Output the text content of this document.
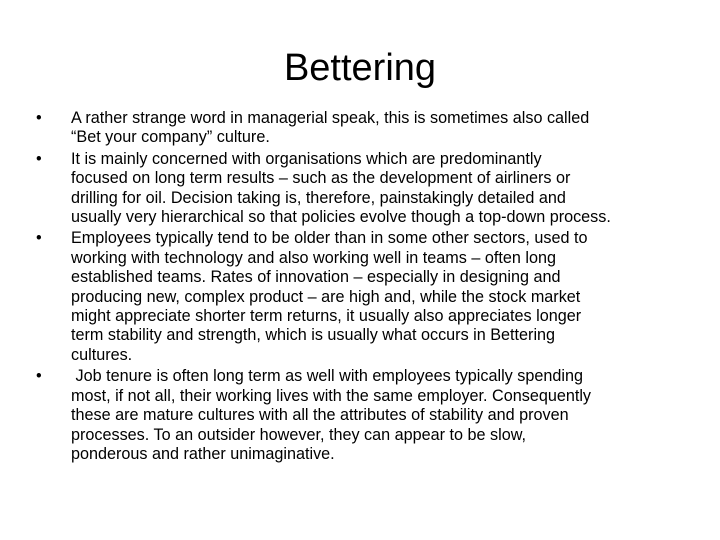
Bettering
•	A rather strange word in managerial speak, this is sometimes also called
“Bet your company” culture.
•	It is mainly concerned with organisations which are predominantly
focused on long term results – such as the development of airliners or
drilling for oil. Decision taking is, therefore, painstakingly detailed and
usually very hierarchical so that policies evolve though a top-down process.
•	Employees typically tend to be older than in some other sectors, used to
working with technology and also working well in teams – often long
established teams. Rates of innovation – especially in designing and
producing new, complex product – are high and, while the stock market
might appreciate shorter term returns, it usually also appreciates longer
term stability and strength, which is usually what occurs in Bettering
cultures.
•	Job tenure is often long term as well with employees typically spending
most, if not all, their working lives with the same employer. Consequently
these are mature cultures with all the attributes of stability and proven
processes. To an outsider however, they can appear to be slow,
ponderous and rather unimaginative.
